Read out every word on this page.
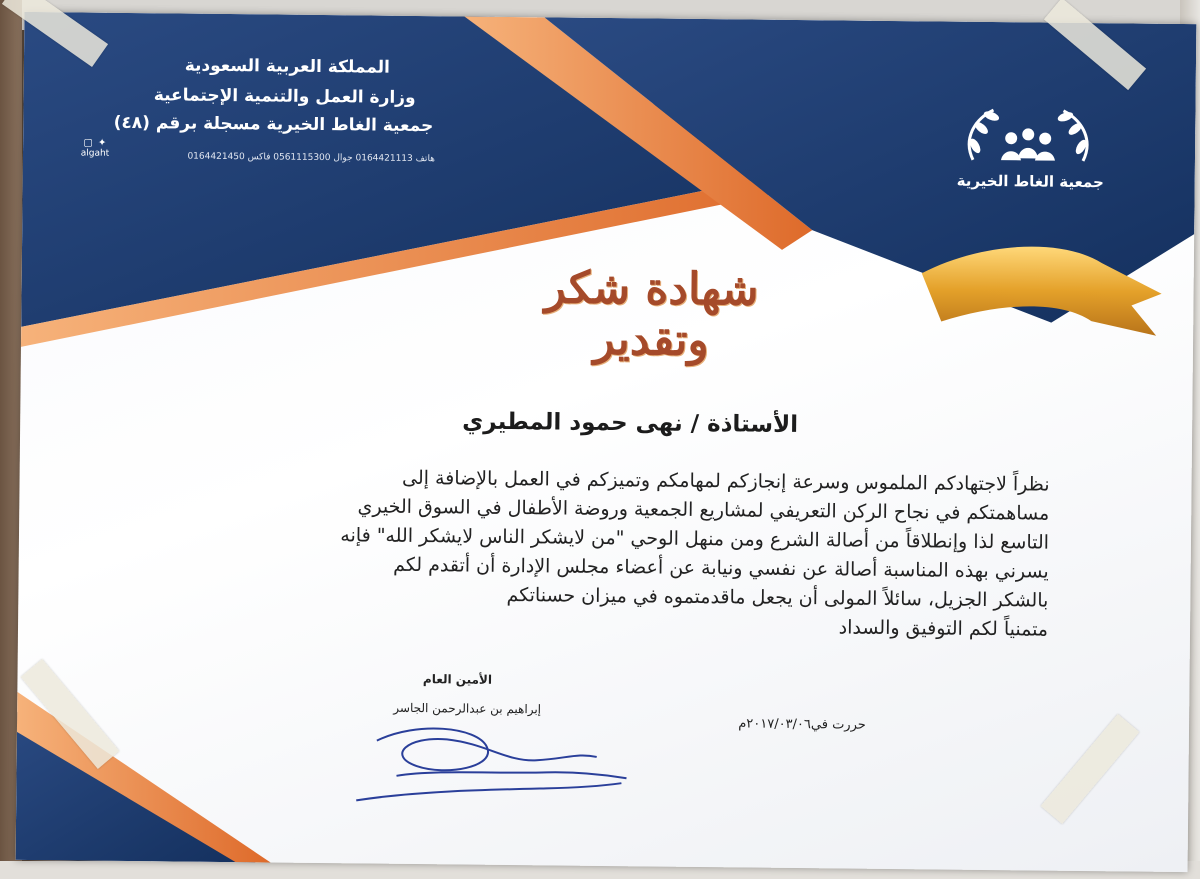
المملكة العربية السعودية
وزارة العمل والتنمية الإجتماعية
جمعية الغاط الخيرية مسجلة برقم (٤٨)
هاتف 0164421113 جوال 0561115300 فاكس 0164421450
▢ ✦
algaht
جمعية الغاط الخيرية
شهادة شكر وتقدير
الأستاذة / نهى حمود المطيري
نظراً لاجتهادكم الملموس وسرعة إنجازكم لمهامكم وتميزكم في العمل بالإضافة إلى
مساهمتكم في نجاح الركن التعريفي لمشاريع الجمعية وروضة الأطفال في السوق الخيري
التاسع لذا وإنطلاقاً من أصالة الشرع ومن منهل الوحي "من لايشكر الناس لايشكر الله" فإنه
يسرني بهذه المناسبة أصالة عن نفسي ونيابة عن أعضاء مجلس الإدارة أن أتقدم لكم
بالشكر الجزيل، سائلاً المولى أن يجعل ماقدمتموه في ميزان حسناتكم
متمنياً لكم التوفيق والسداد
الأمين العام
إبراهيم بن عبدالرحمن الجاسر
حررت في٢٠١٧/٠٣/٠٦م
